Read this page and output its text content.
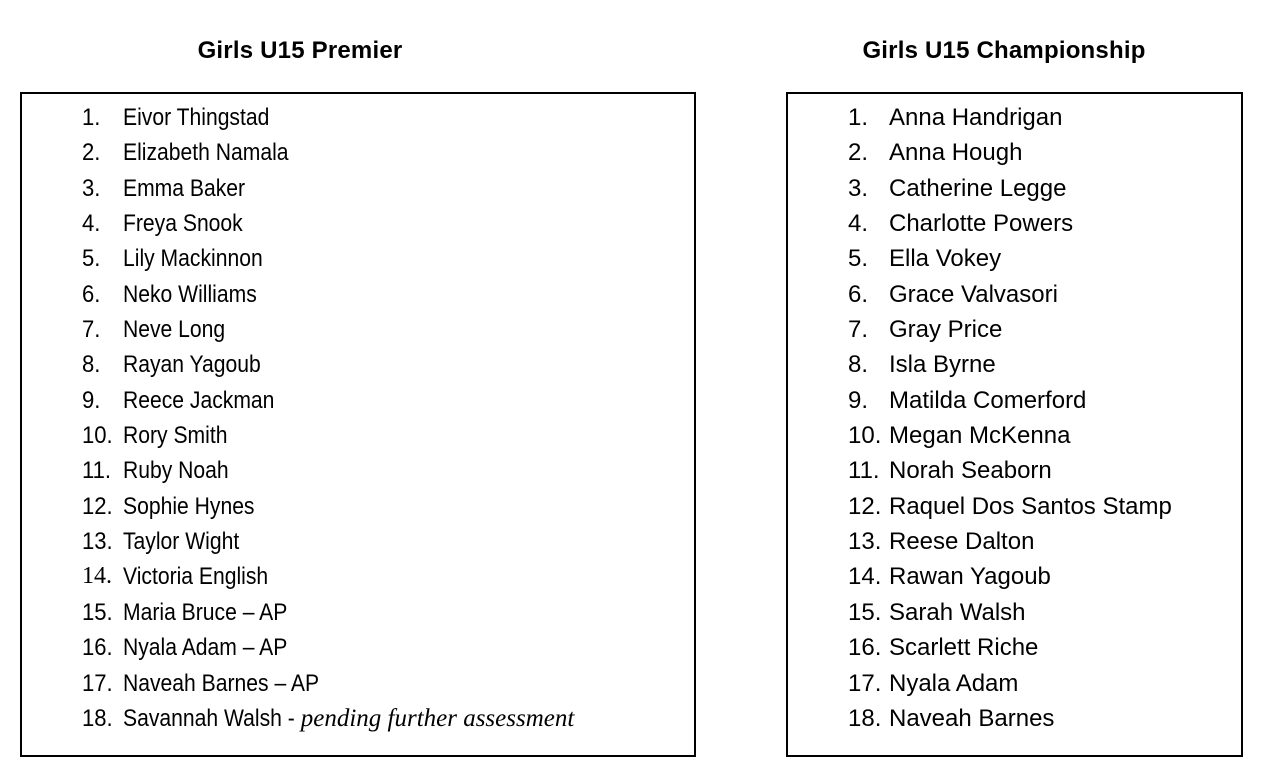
Girls U15 Premier	Girls U15 Championship
1. Eivor Thingstad
2. Elizabeth Namala
3. Emma Baker
4. Freya Snook
5. Lily Mackinnon
6. Neko Williams
7. Neve Long
8. Rayan Yagoub
9. Reece Jackman
10. Rory Smith
11. Ruby Noah
12. Sophie Hynes
13. Taylor Wight
14. Victoria English
15. Maria Bruce – AP
16. Nyala Adam – AP
17. Naveah Barnes – AP
18. Savannah Walsh - pending further assessment
1. Anna Handrigan
2. Anna Hough
3. Catherine Legge
4. Charlotte Powers
5. Ella Vokey
6. Grace Valvasori
7. Gray Price
8. Isla Byrne
9. Matilda Comerford
10. Megan McKenna
11. Norah Seaborn
12. Raquel Dos Santos Stamp
13. Reese Dalton
14. Rawan Yagoub
15. Sarah Walsh
16. Scarlett Riche
17. Nyala Adam
18. Naveah Barnes
